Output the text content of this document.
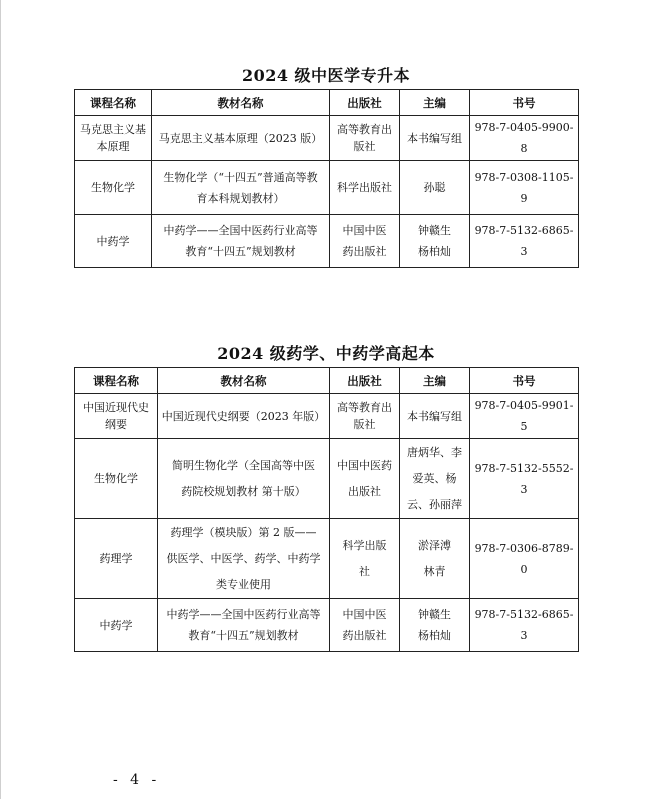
2024 级中医学专升本
课程名称	教材名称	出版社	主编	书号
马克思主义基本原理	马克思主义基本原理（2023 版）	高等教育出版社	本书编写组	978-7-0405-9900-8
生物化学	生物化学（“十四五”普通高等教育本科规划教材）	科学出版社	孙聪	978-7-0308-1105-9
中药学	中药学——全国中医药行业高等教育“十四五”规划教材	中国中医药出版社	钟赣生 杨柏灿	978-7-5132-6865-3
2024 级药学、中药学高起本
课程名称	教材名称	出版社	主编	书号
中国近现代史纲要	中国近现代史纲要（2023 年版）	高等教育出版社	本书编写组	978-7-0405-9901-5
生物化学	简明生物化学（全国高等中医药院校规划教材 第十版）	中国中医药出版社	唐炳华、李爱英、杨云、孙丽萍	978-7-5132-5552-3
药理学	药理学（模块版）第 2 版——供医学、中医学、药学、中药学类专业使用	科学出版社	淤泽溥 林青	978-7-0306-8789-0
中药学	中药学——全国中医药行业高等教育“十四五”规划教材	中国中医药出版社	钟赣生 杨柏灿	978-7-5132-6865-3
- 4 -
